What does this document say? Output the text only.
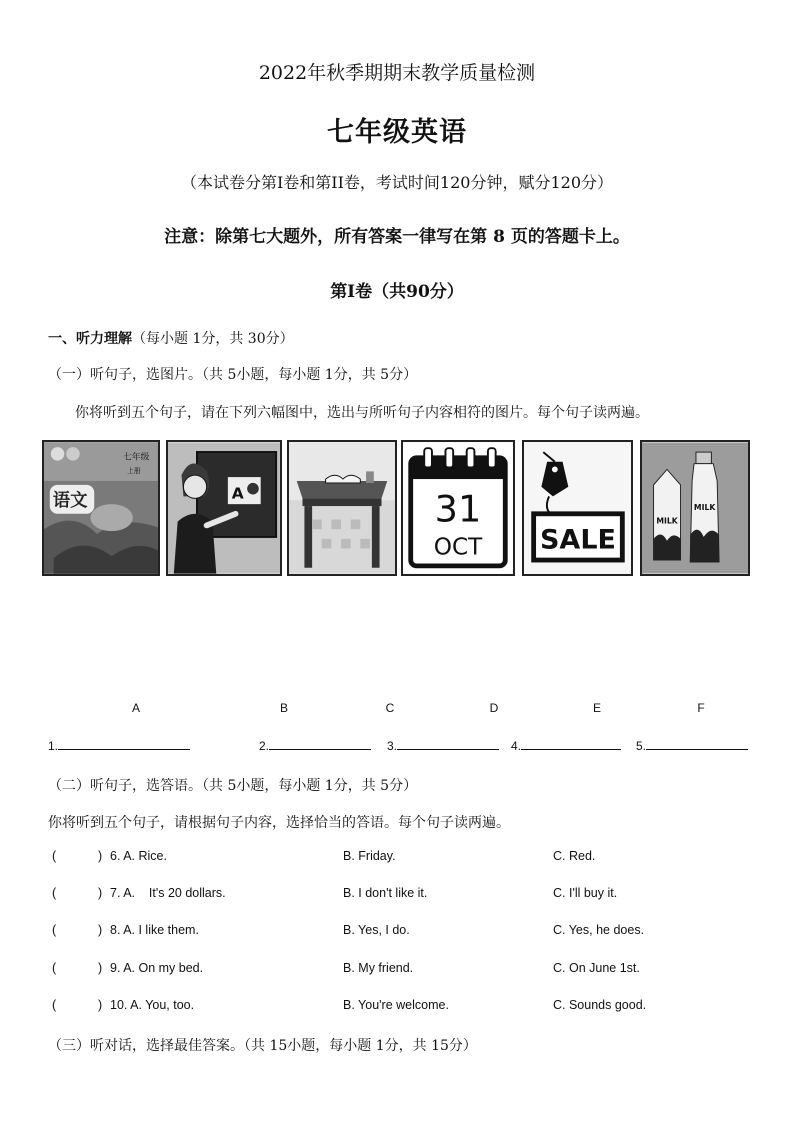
2022年秋季期期末教学质量检测
七年级英语
（本试卷分第Ⅰ卷和第II卷，考试时间120分钟，赋分120分）
注意：除第七大题外，所有答案一律写在第 8 页的答题卡上。
第Ⅰ卷（共90分）
一、听力理解（每小题 1分，共 30分）
（一）听句子，选图片。（共 5小题，每小题 1分，共 5分）
你将听到五个句子，请在下列六幅图中，选出与所听句子内容相符的图片。每个句子读两遍。
七年级
上册
语文	A	31
OCT SALE
MILK
MILK
A	B	C	D	E	F
1.	2.	3.	4.	5.
（二）听句子，选答语。（共 5小题，每小题 1分，共 5分）
你将听到五个句子，请根据句子内容，选择恰当的答语。每个句子读两遍。
(	) 6. A. Rice.	B. Friday.	C. Red.
(	) 7. A.    It's 20 dollars.	B. I don't like it.	C. I'll buy it.
(	) 8. A. I like them.	B. Yes, I do.	C. Yes, he does.
(	) 9. A. On my bed.	B. My friend.	C. On June 1st.
(	) 10. A. You, too.	B. You're welcome.	C. Sounds good.
（三）听对话，选择最佳答案。（共 15小题，每小题 1分，共 15分）
